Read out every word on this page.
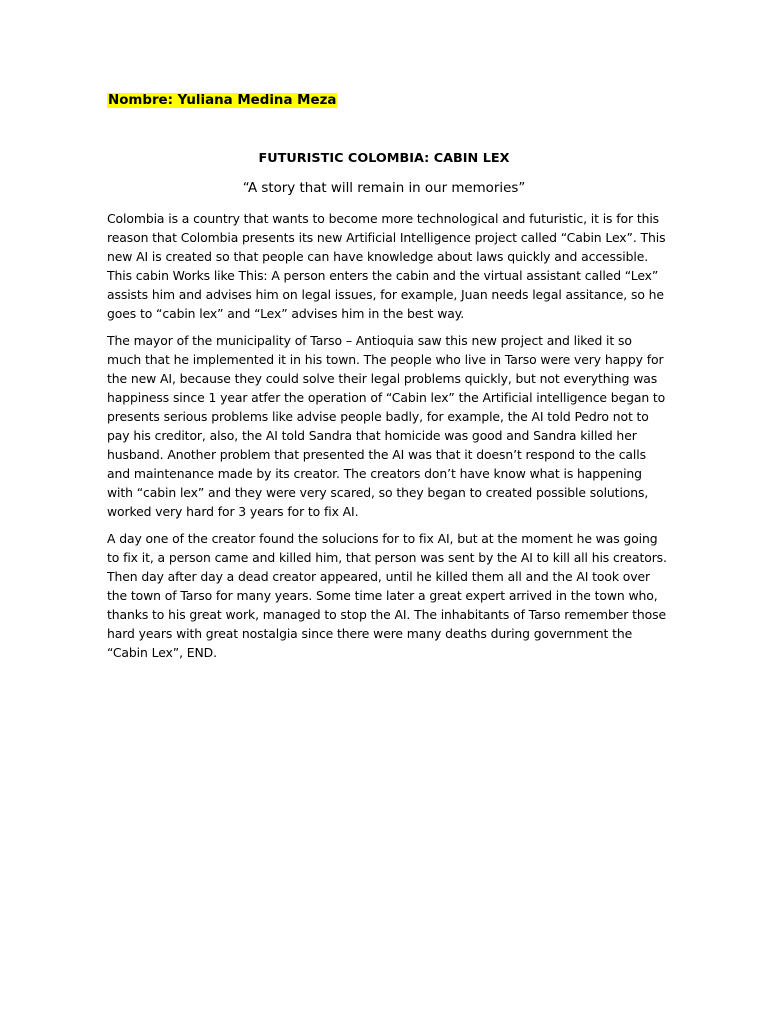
Nombre: Yuliana Medina Meza
FUTURISTIC COLOMBIA: CABIN LEX
“A story that will remain in our memories”

Colombia is a country that wants to become more technological and futuristic, it is for this reason that Colombia presents its new Artificial Intelligence project called “Cabin Lex”. This new AI is created so that people can have knowledge about laws quickly and accessible. This cabin Works like This: A person enters the cabin and the virtual assistant called “Lex” assists him and advises him on legal issues, for example, Juan needs legal assitance, so he goes to “cabin lex” and “Lex” advises him in the best way.

The mayor of the municipality of Tarso – Antioquia saw this new project and liked it so much that he implemented it in his town. The people who live in Tarso were very happy for the new AI, because they could solve their legal problems quickly, but not everything was happiness since 1 year atfer the operation of “Cabin lex” the Artificial intelligence began to presents serious problems like advise people badly, for example, the AI told Pedro not to pay his creditor, also, the AI told Sandra that homicide was good and Sandra killed her husband. Another problem that presented the AI was that it doesn’t respond to the calls and maintenance made by its creator. The creators don’t have know what is happening with “cabin lex” and they were very scared, so they began to created possible solutions, worked very hard for 3 years for to fix AI.

A day one of the creator found the solucions for to fix AI, but at the moment he was going to fix it, a person came and killed him, that person was sent by the AI to kill all his creators. Then day after day a dead creator appeared, until he killed them all and the AI took over the town of Tarso for many years. Some time later a great expert arrived in the town who, thanks to his great work, managed to stop the AI. The inhabitants of Tarso remember those hard years with great nostalgia since there were many deaths during government the “Cabin Lex”, END.
